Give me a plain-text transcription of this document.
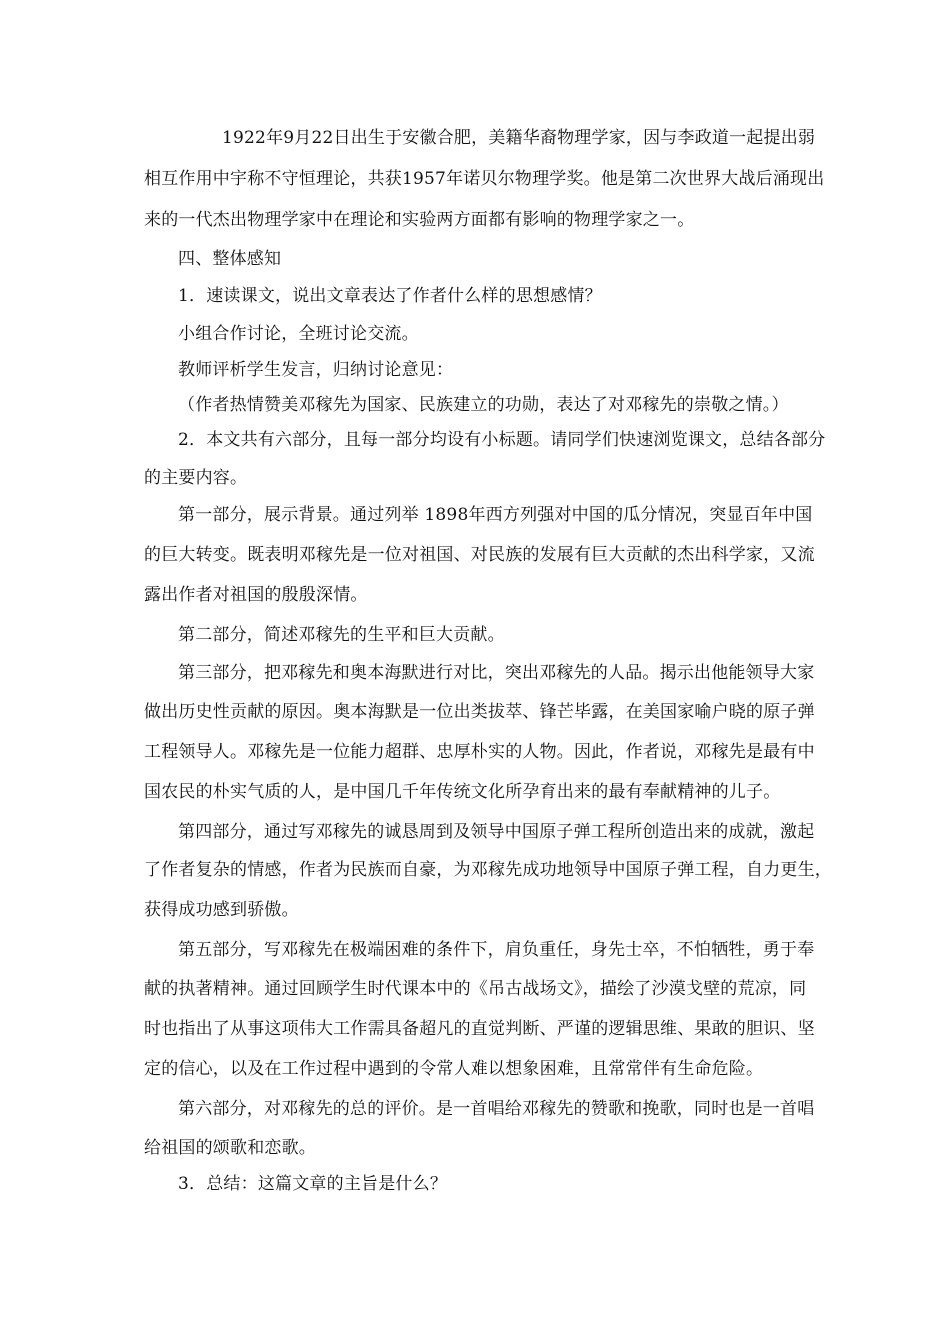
1922年9月22日出生于安徽合肥，美籍华裔物理学家，因与李政道一起提出弱
相互作用中宇称不守恒理论，共获1957年诺贝尔物理学奖。他是第二次世界大战后涌现出
来的一代杰出物理学家中在理论和实验两方面都有影响的物理学家之一。
四、整体感知
1．速读课文，说出文章表达了作者什么样的思想感情？
小组合作讨论，全班讨论交流。
教师评析学生发言，归纳讨论意见：
（作者热情赞美邓稼先为国家、民族建立的功勋，表达了对邓稼先的崇敬之情。）
2．本文共有六部分，且每一部分均设有小标题。请同学们快速浏览课文，总结各部分
的主要内容。
第一部分，展示背景。通过列举 1898年西方列强对中国的瓜分情况，突显百年中国
的巨大转变。既表明邓稼先是一位对祖国、对民族的发展有巨大贡献的杰出科学家，又流
露出作者对祖国的殷殷深情。
第二部分，简述邓稼先的生平和巨大贡献。
第三部分，把邓稼先和奥本海默进行对比，突出邓稼先的人品。揭示出他能领导大家
做出历史性贡献的原因。奥本海默是一位出类拔萃、锋芒毕露，在美国家喻户晓的原子弹
工程领导人。邓稼先是一位能力超群、忠厚朴实的人物。因此，作者说，邓稼先是最有中
国农民的朴实气质的人，是中国几千年传统文化所孕育出来的最有奉献精神的儿子。
第四部分，通过写邓稼先的诚恳周到及领导中国原子弹工程所创造出来的成就，激起
了作者复杂的情感，作者为民族而自豪，为邓稼先成功地领导中国原子弹工程，自力更生，
获得成功感到骄傲。
第五部分，写邓稼先在极端困难的条件下，肩负重任，身先士卒，不怕牺牲，勇于奉
献的执著精神。通过回顾学生时代课本中的《吊古战场文》，描绘了沙漠戈壁的荒凉，同
时也指出了从事这项伟大工作需具备超凡的直觉判断、严谨的逻辑思维、果敢的胆识、坚
定的信心，以及在工作过程中遇到的令常人难以想象困难，且常常伴有生命危险。
第六部分，对邓稼先的总的评价。是一首唱给邓稼先的赞歌和挽歌，同时也是一首唱
给祖国的颂歌和恋歌。
3．总结：这篇文章的主旨是什么？
